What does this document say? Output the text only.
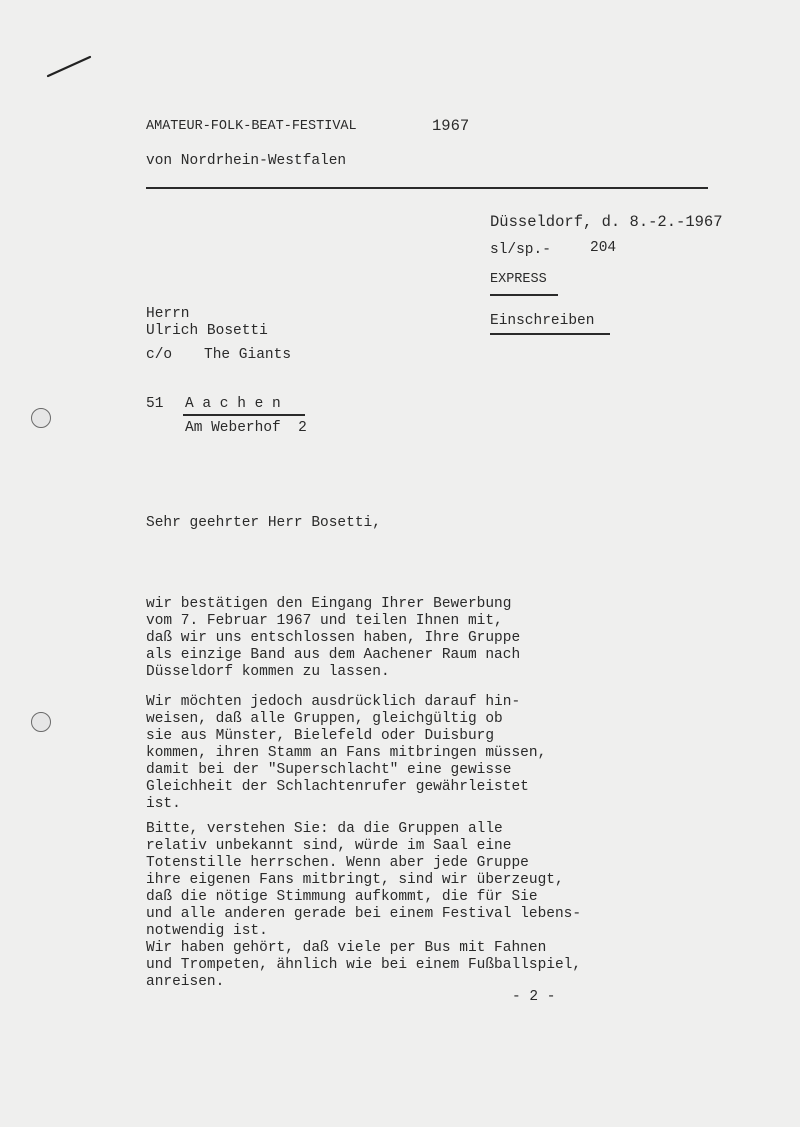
AMATEUR-FOLK-BEAT-FESTIVAL	1967
von Nordrhein-Westfalen
Düsseldorf, d. 8.-2.-1967
sl/sp.-	204
EXPRESS
Einschreiben
Herrn
Ulrich Bosetti
c/o The Giants
51 A a c h e n
Am Weberhof  2
Sehr geehrter Herr Bosetti,

wir bestätigen den Eingang Ihrer Bewerbung
vom 7. Februar 1967 und teilen Ihnen mit,
daß wir uns entschlossen haben, Ihre Gruppe
als einzige Band aus dem Aachener Raum nach
Düsseldorf kommen zu lassen.

Wir möchten jedoch ausdrücklich darauf hin-
weisen, daß alle Gruppen, gleichgültig ob
sie aus Münster, Bielefeld oder Duisburg
kommen, ihren Stamm an Fans mitbringen müssen,
damit bei der "Superschlacht" eine gewisse
Gleichheit der Schlachtenrufer gewährleistet
ist.

Bitte, verstehen Sie: da die Gruppen alle
relativ unbekannt sind, würde im Saal eine
Totenstille herrschen. Wenn aber jede Gruppe
ihre eigenen Fans mitbringt, sind wir überzeugt,
daß die nötige Stimmung aufkommt, die für Sie
und alle anderen gerade bei einem Festival lebens-
notwendig ist.
Wir haben gehört, daß viele per Bus mit Fahnen
und Trompeten, ähnlich wie bei einem Fußballspiel,
anreisen.

- 2 -
